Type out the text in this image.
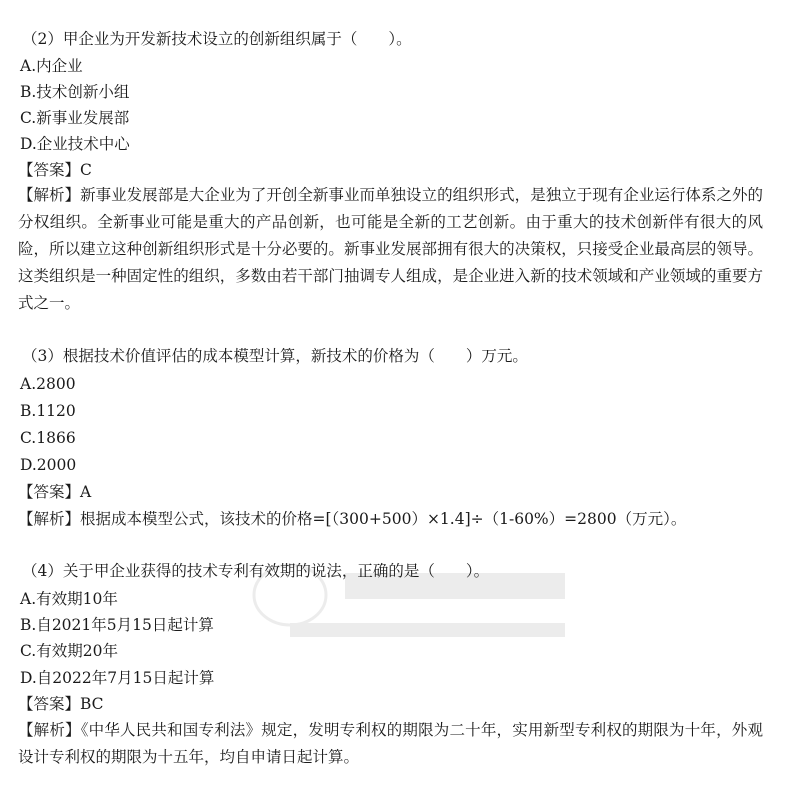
（2）甲企业为开发新技术设立的创新组织属于（　　）。
A.内企业
B.技术创新小组
C.新事业发展部
D.企业技术中心
【答案】C
【解析】新事业发展部是大企业为了开创全新事业而单独设立的组织形式，是独立于现有企业运行体系之外的分权组织。全新事业可能是重大的产品创新，也可能是全新的工艺创新。由于重大的技术创新伴有很大的风险，所以建立这种创新组织形式是十分必要的。新事业发展部拥有很大的决策权，只接受企业最高层的领导。这类组织是一种固定性的组织，多数由若干部门抽调专人组成，是企业进入新的技术领域和产业领域的重要方式之一。
（3）根据技术价值评估的成本模型计算，新技术的价格为（　　）万元。
A.2800
B.1120
C.1866
D.2000
【答案】A
【解析】根据成本模型公式，该技术的价格=[（300+500）×1.4]÷（1-60%）=2800（万元）。
（4）关于甲企业获得的技术专利有效期的说法，正确的是（　　）。
A.有效期10年
B.自2021年5月15日起计算
C.有效期20年
D.自2022年7月15日起计算
【答案】BC
【解析】《中华人民共和国专利法》规定，发明专利权的期限为二十年，实用新型专利权的期限为十年，外观设计专利权的期限为十五年，均自申请日起计算。
